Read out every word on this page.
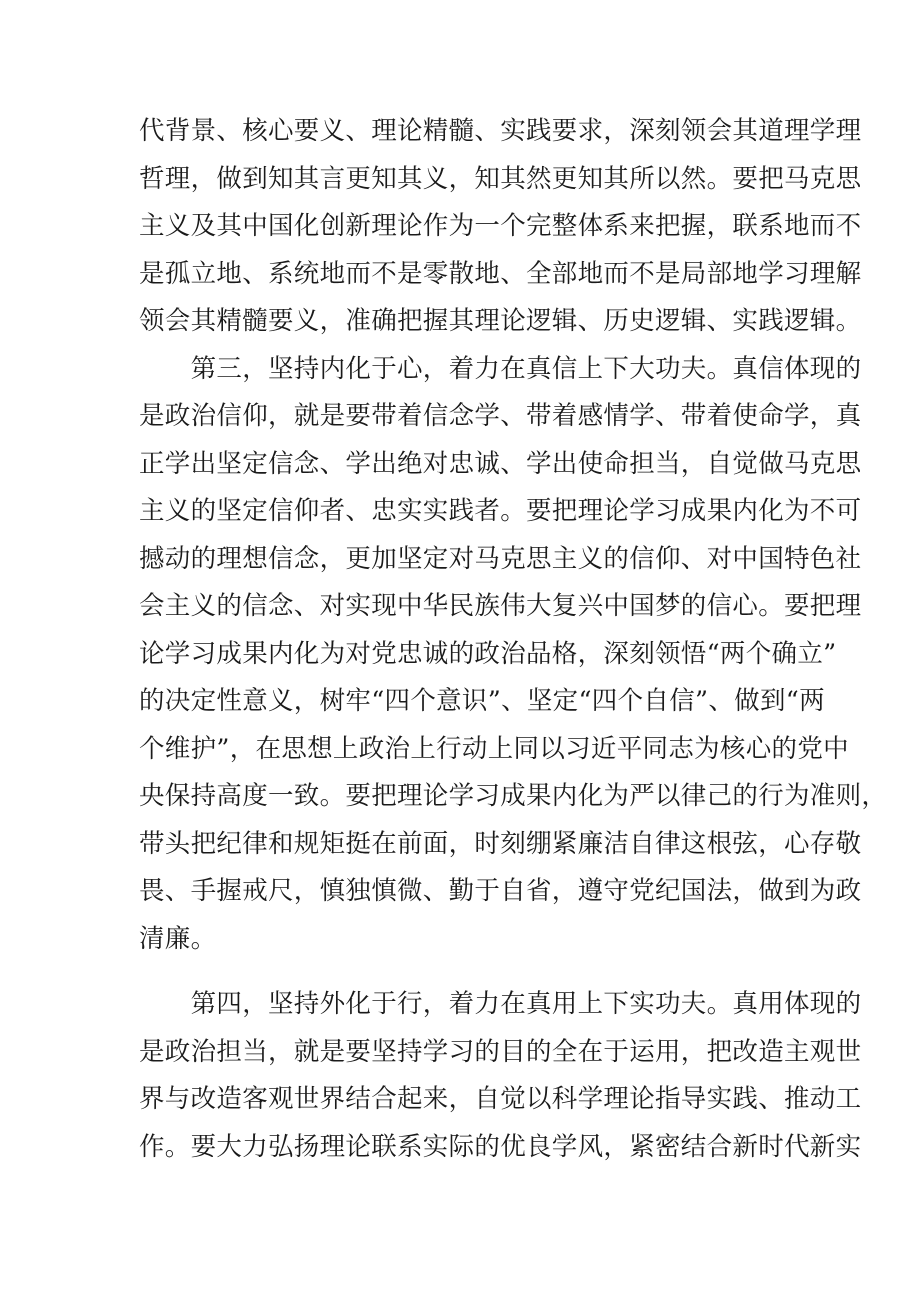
代背景、核心要义、理论精髓、实践要求，深刻领会其道理学理
哲理，做到知其言更知其义，知其然更知其所以然。要把马克思
主义及其中国化创新理论作为一个完整体系来把握，联系地而不
是孤立地、系统地而不是零散地、全部地而不是局部地学习理解
领会其精髓要义，准确把握其理论逻辑、历史逻辑、实践逻辑。
　　第三，坚持内化于心，着力在真信上下大功夫。真信体现的
是政治信仰，就是要带着信念学、带着感情学、带着使命学，真
正学出坚定信念、学出绝对忠诚、学出使命担当，自觉做马克思
主义的坚定信仰者、忠实实践者。要把理论学习成果内化为不可
撼动的理想信念，更加坚定对马克思主义的信仰、对中国特色社
会主义的信念、对实现中华民族伟大复兴中国梦的信心。要把理
论学习成果内化为对党忠诚的政治品格，深刻领悟“两个确立”
的决定性意义，树牢“四个意识”、坚定“四个自信”、做到“两
个维护”，在思想上政治上行动上同以习近平同志为核心的党中
央保持高度一致。要把理论学习成果内化为严以律己的行为准则，
带头把纪律和规矩挺在前面，时刻绷紧廉洁自律这根弦，心存敬
畏、手握戒尺，慎独慎微、勤于自省，遵守党纪国法，做到为政
清廉。
　　第四，坚持外化于行，着力在真用上下实功夫。真用体现的
是政治担当，就是要坚持学习的目的全在于运用，把改造主观世
界与改造客观世界结合起来，自觉以科学理论指导实践、推动工
作。要大力弘扬理论联系实际的优良学风，紧密结合新时代新实
